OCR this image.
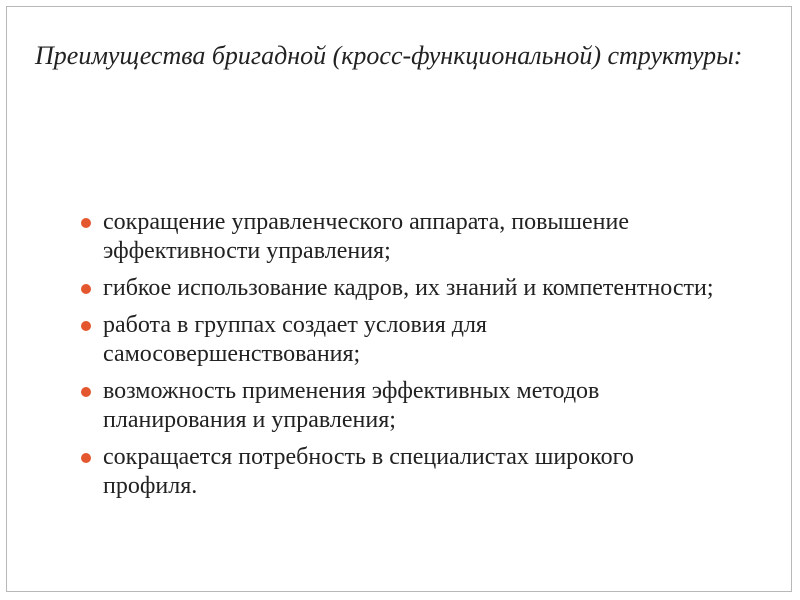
Преимущества бригадной (кросс-функциональной) структуры:
сокращение управленческого аппарата, повышение эффективности управления;
гибкое использование кадров, их знаний и компетентности;
работа в группах создает условия для самосовершенствования;
возможность применения эффективных методов планирования и управления;
сокращается потребность в специалистах широкого профиля.
